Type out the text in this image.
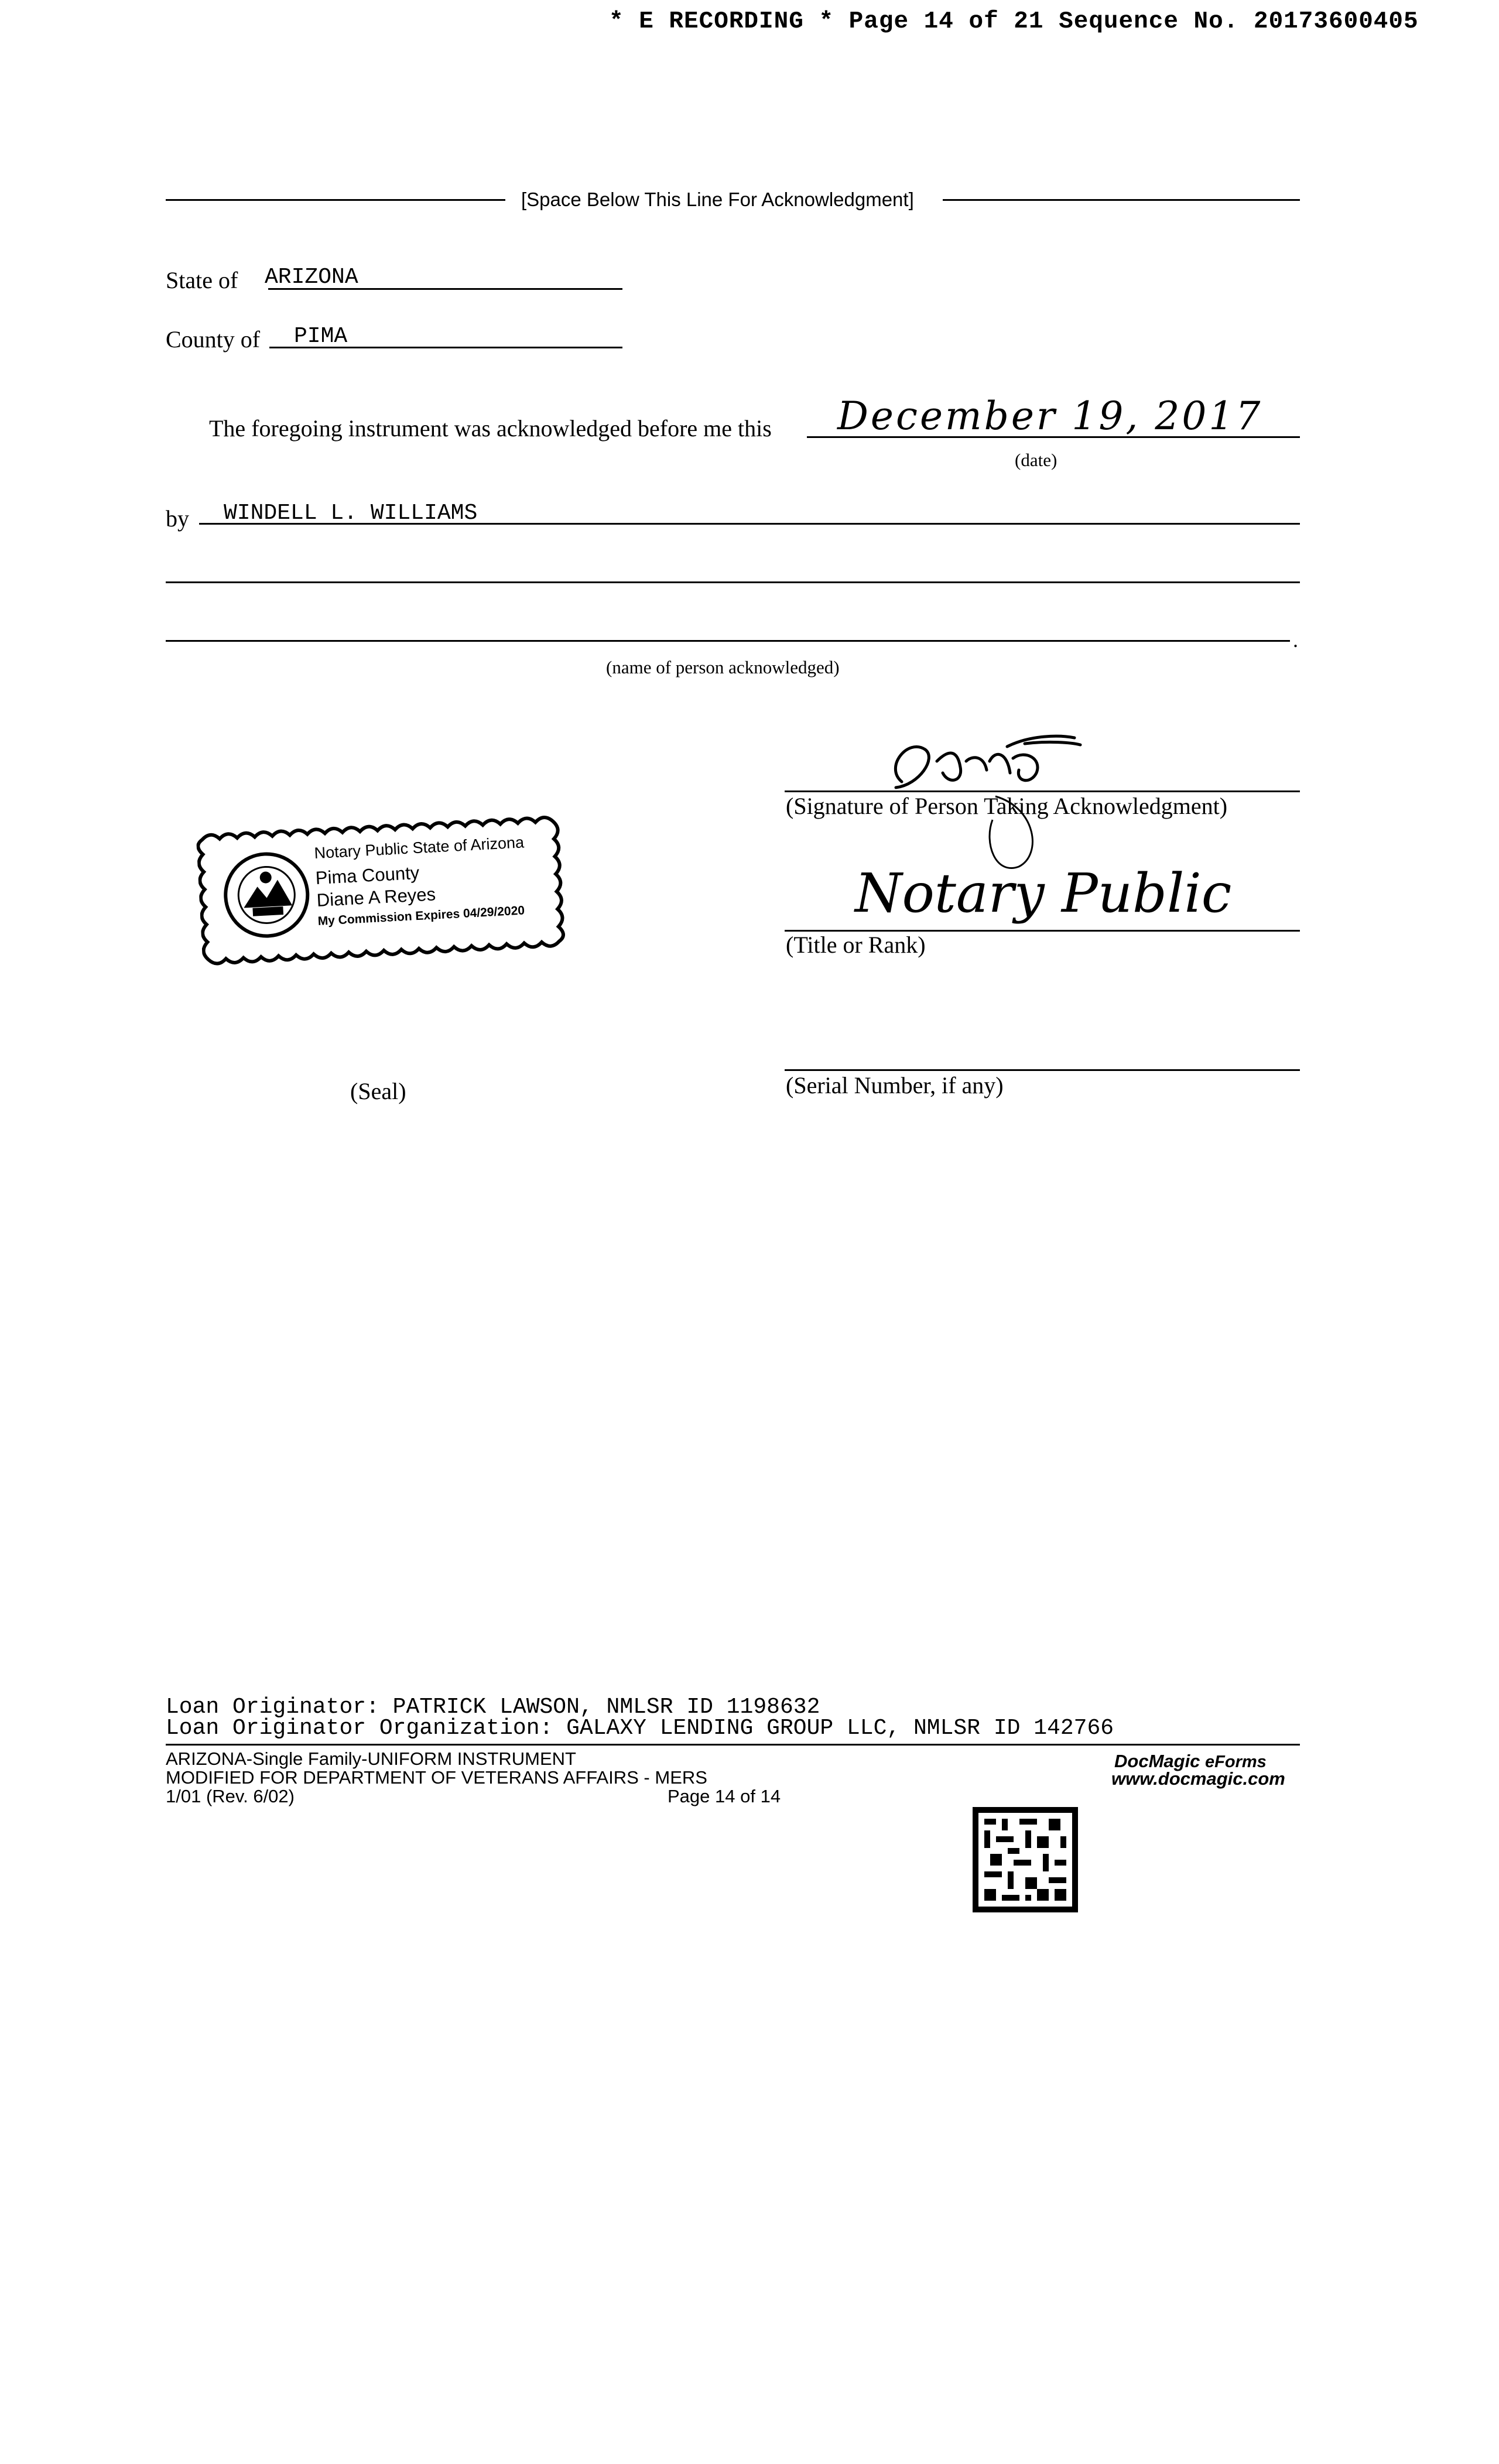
* E RECORDING * Page 14 of 21 Sequence No. 20173600405
[Space Below This Line For Acknowledgment]
State of ARIZONA
County of PIMA
The foregoing instrument was acknowledged before me this December 19, 2017
(date)
by WINDELL L. WILLIAMS
.
(name of person acknowledged)
(Signature of Person Taking Acknowledgment)
Notary Public
(Title or Rank)
(Serial Number, if any)
Notary Public State of Arizona
Pima County
Diane A Reyes
My Commission Expires 04/29/2020
(Seal)
Loan Originator: PATRICK LAWSON, NMLSR ID 1198632
Loan Originator Organization: GALAXY LENDING GROUP LLC, NMLSR ID 142766
ARIZONA-Single Family-UNIFORM INSTRUMENT
MODIFIED FOR DEPARTMENT OF VETERANS AFFAIRS - MERS
1/01 (Rev. 6/02)	Page 14 of 14
DocMagic eForms
www.docmagic.com
